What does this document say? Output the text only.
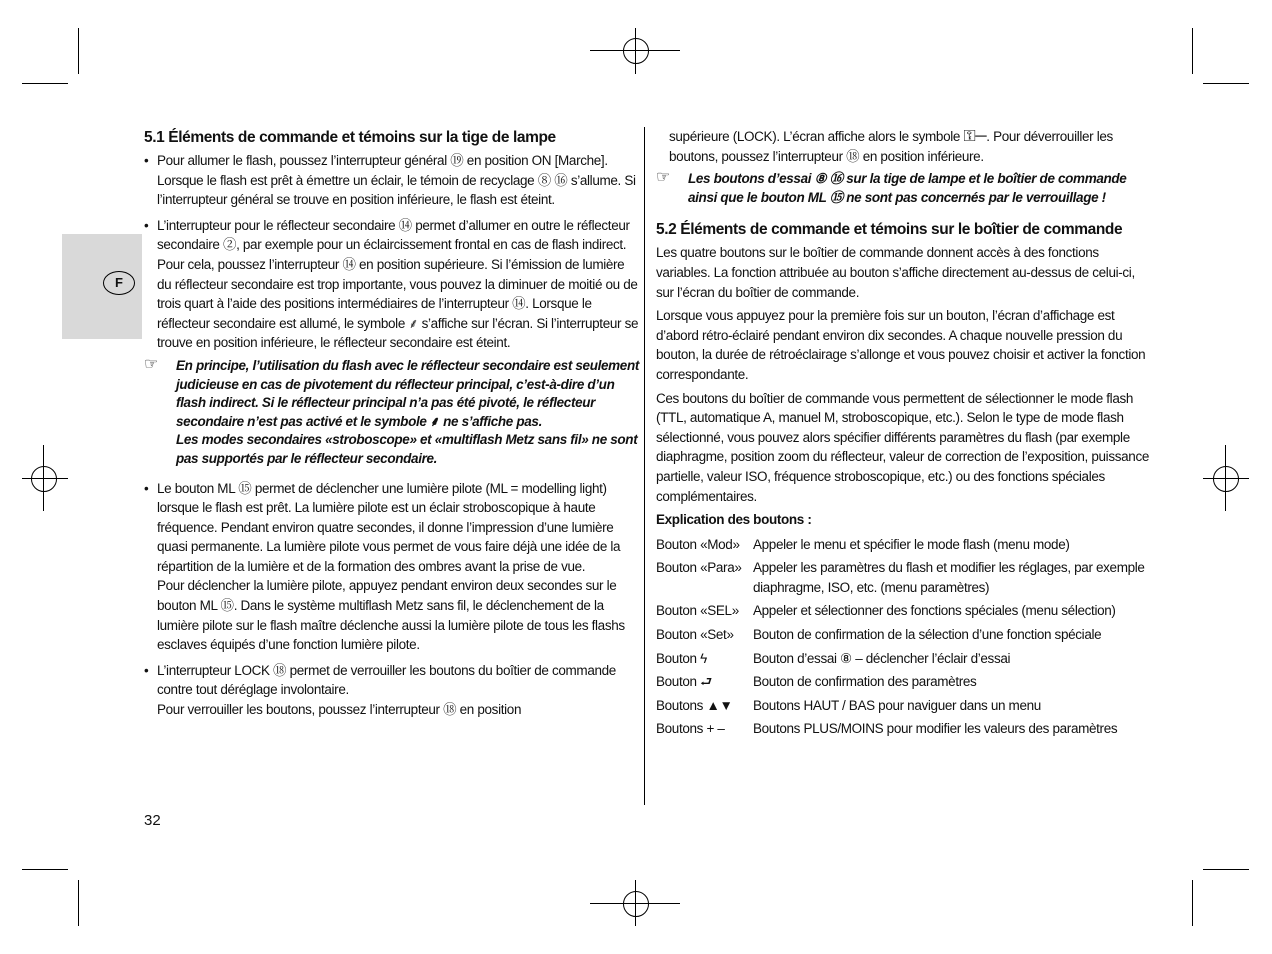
F
5.1 Éléments de commande et témoins sur la tige de lampe
• Pour allumer le flash, poussez l’interrupteur général ⑲ en position ON [Marche]. Lorsque le flash est prêt à émettre un éclair, le témoin de recyclage ⑧ ⑯ s’allume. Si l’interrupteur général se trouve en position inférieure, le flash est éteint.
• L’interrupteur pour le réflecteur secondaire ⑭ permet d’allumer en outre le réflecteur secondaire ②, par exemple pour un éclaircissement frontal en cas de flash indirect. Pour cela, poussez l’interrupteur ⑭ en position supérieure. Si l’émission de lumière du réflecteur secondaire est trop importante, vous pouvez la diminuer de moitié ou de trois quart à l’aide des positions intermédiaires de l’interrupteur ⑭. Lorsque le réflecteur secondaire est allumé, le symbole ⸙ s’affiche sur l’écran. Si l’interrupteur se trouve en position inférieure, le réflecteur secondaire est éteint.
☞ En principe, l’utilisation du flash avec le réflecteur secondaire est seulement judicieuse en cas de pivotement du réflecteur principal, c’est-à-dire d’un flash indirect. Si le réflecteur principal n’a pas été pivoté, le réflecteur secondaire n’est pas activé et le symbole ⸙ ne s’affiche pas.
Les modes secondaires «stroboscope» et «multiflash Metz sans fil» ne sont pas supportés par le réflecteur secondaire.
• Le bouton ML ⑮ permet de déclencher une lumière pilote (ML = modelling light) lorsque le flash est prêt. La lumière pilote est un éclair stroboscopique à haute fréquence. Pendant environ quatre secondes, il donne l’impression d’une lumière quasi permanente. La lumière pilote vous permet de vous faire déjà une idée de la répartition de la lumière et de la formation des ombres avant la prise de vue.
Pour déclencher la lumière pilote, appuyez pendant environ deux secondes sur le bouton ML ⑮. Dans le système multiflash Metz sans fil, le déclenchement de la lumière pilote sur le flash maître déclenche aussi la lumière pilote de tous les flashs esclaves équipés d’une fonction lumière pilote.
• L’interrupteur LOCK ⑱ permet de verrouiller les boutons du boîtier de commande contre tout déréglage involontaire.
Pour verrouiller les boutons, poussez l’interrupteur ⑱ en position

supérieure (LOCK). L’écran affiche alors le symbole ⚿─. Pour déverrouiller les boutons, poussez l’interrupteur ⑱ en position inférieure.

☞ Les boutons d’essai ⑧ ⑯ sur la tige de lampe et le boîtier de commande ainsi que le bouton ML ⑮ ne sont pas concernés par le verrouillage !
5.2 Éléments de commande et témoins sur le boîtier de commande

Les quatre boutons sur le boîtier de commande donnent accès à des fonctions variables. La fonction attribuée au bouton s’affiche directement au-dessus de celui-ci, sur l’écran du boîtier de commande.

Lorsque vous appuyez pour la première fois sur un bouton, l’écran d’affichage est d’abord rétro-éclairé pendant environ dix secondes. A chaque nouvelle pression du bouton, la durée de rétroéclairage s’allonge et vous pouvez choisir et activer la fonction correspondante.

Ces boutons du boîtier de commande vous permettent de sélectionner le mode flash (TTL, automatique A, manuel M, stroboscopique, etc.). Selon le type de mode flash sélectionné, vous pouvez alors spécifier différents paramètres du flash (par exemple diaphragme, position zoom du réflecteur, valeur de correction de l’exposition, puissance partielle, valeur ISO, fréquence stroboscopique, etc.) ou des fonctions spéciales complémentaires.

Explication des boutons :

Bouton «Mod» Appeler le menu et spécifier le mode flash (menu mode)
Bouton «Para» Appeler les paramètres du flash et modifier les réglages, par exemple diaphragme, ISO, etc. (menu paramètres)
Bouton «SEL»	Appeler et sélectionner des fonctions spéciales (menu sélection)
Bouton «Set»	Bouton de confirmation de la sélection d’une fonction spéciale
Bouton ϟ	Bouton d’essai ⑧ – déclencher l’éclair d’essai
Bouton ⮐	Bouton de confirmation des paramètres
Boutons ▲▼	Boutons HAUT / BAS pour naviguer dans un menu
Boutons + –	Boutons PLUS/MOINS pour modifier les valeurs des paramètres
32
